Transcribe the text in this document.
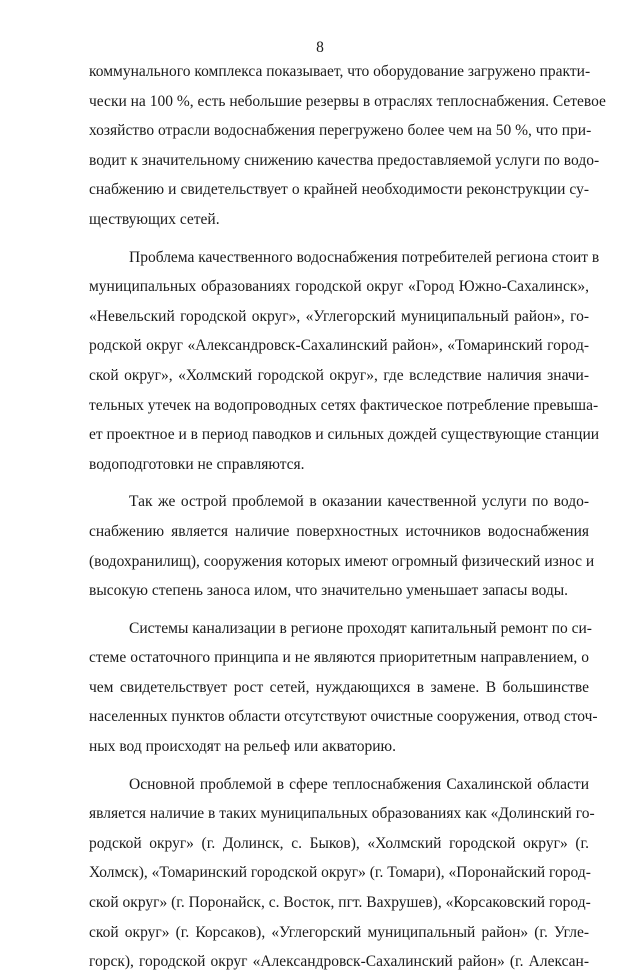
8
коммунального комплекса показывает, что оборудование загружено практи-
чески на 100 %, есть небольшие резервы в отраслях теплоснабжения. Сетевое
хозяйство отрасли водоснабжения перегружено более чем на 50 %, что при-
водит к значительному снижению качества предоставляемой услуги по водо-
снабжению и свидетельствует о крайней необходимости реконструкции су-
ществующих сетей.
Проблема качественного водоснабжения потребителей региона стоит в
муниципальных образованиях городской округ «Город Южно-Сахалинск»,
«Невельский городской округ», «Углегорский муниципальный район», го-
родской округ «Александровск-Сахалинский район», «Томаринский город-
ской округ», «Холмский городской округ», где вследствие наличия значи-
тельных утечек на водопроводных сетях фактическое потребление превыша-
ет проектное и в период паводков и сильных дождей существующие станции
водоподготовки не справляются.
Так же острой проблемой в оказании качественной услуги по водо-
снабжению является наличие поверхностных источников водоснабжения
(водохранилищ), сооружения которых имеют огромный физический износ и
высокую степень заноса илом, что значительно уменьшает запасы воды.
Системы канализации в регионе проходят капитальный ремонт по си-
стеме остаточного принципа и не являются приоритетным направлением, о
чем свидетельствует рост сетей, нуждающихся в замене. В большинстве
населенных пунктов области отсутствуют очистные сооружения, отвод сточ-
ных вод происходят на рельеф или акваторию.
Основной проблемой в сфере теплоснабжения Сахалинской области
является наличие в таких муниципальных образованиях как «Долинский го-
родской округ» (г. Долинск, с. Быков), «Холмский городской округ» (г.
Холмск), «Томаринский городской округ» (г. Томари), «Поронайский город-
ской округ» (г. Поронайск, с. Восток, пгт. Вахрушев), «Корсаковский город-
ской округ» (г. Корсаков), «Углегорский муниципальный район» (г. Угле-
горск), городской округ «Александровск-Сахалинский район» (г. Алексан-
